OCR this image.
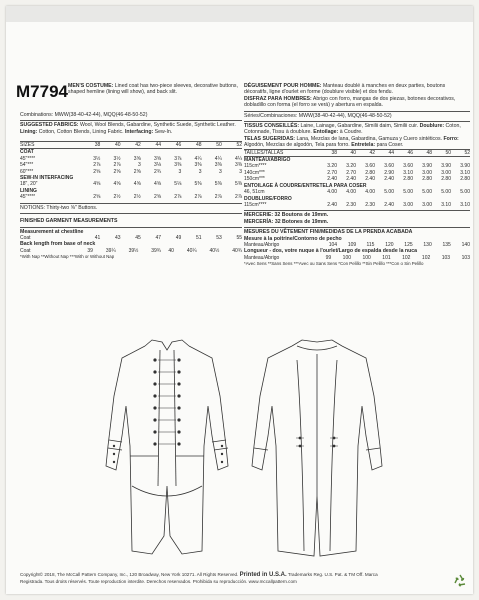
M7794 MEN'S COSTUME: Lined coat has two-piece sleeves, decorative buttons, shaped hemline (lining will show), and back slit.
Combinations: MWW(38-40-42-44), MQQ(46-48-50-52)
SUGGESTED FABRICS: Wool, Wool Blends, Gabardine, Synthetic Suede, Synthetic Leather. Lining: Cotton, Cotton Blends, Lining Fabric. Interfacing: Sew-In.
SIZES	38	40	42	44	46	48	50	52
COAT								
45"****	3½	3½	3⅝	3⅝	3⅞	4¼	4¼	4¼
54"***	2⅞	2⅞	3	3⅛	3⅜	3⅜	3⅜	3⅜
60"***	2⅝	2⅝	2⅝	2¾	3	3	3	3
SEW-IN INTERFACING								
18", 20"	4⅝	4⅝	4⅝	4⅝	5⅛	5⅜	5⅜	5⅜
LINING								
45"****	2⅝	2½	2½	2⅝	2⅞	2⅞	2⅞	2⅞
NOTIONS: Thirty-two ⅝" Buttons.
FINISHED GARMENT MEASUREMENTS
Measurement at chestline
Coat	41	43	45	47	49	51	53	55
Back length from base of neck
Coat	39	39¼	39½	39¾	40	40¼	40½	40¾
*With Nap **Without Nap ***With or Without Nap
DÉGUISEMENT POUR HOMME: Manteau doublé à manches en deux parties, boutons décoratifs, ligne d'ourlet en forme (doublure visible) et dos fendu.
DISFRAZ PARA HOMBRES: Abrigo con forro, mangas de dos piezas, botones decorativos, dobladillo con forma (el forro se verá) y abertura en espalda.
Séries/Combinaciones: MWW(38-40-42-44), MQQ(46-48-50-52)
TISSUS CONSEILLÉS: Laine, Lainage, Gabardine, Similii daim, Similii cuir. Doublure: Coton, Cotonnade, Tissu à doublure. Entoilage: à Coudre.
TELAS SUGERIDAS: Lana, Mezclas de lana, Gabardina, Gamuza y Cuero sintéticos. Forro: Algodón, Mezclas de algodón, Tela para forro. Entretela: para Coser.
TAILLES/TALLAS	38	40	42	44	46	48	50	52
MANTEAU/ABRIGO								
115cm****	3.20	3.20	3.60	3.60	3.60	3.90	3.90	3.90
140cm***	2.70	2.70	2.80	2.90	3.10	3.00	3.00	3.10
150cm***	2.40	2.40	2.40	2.40	2.80	2.80	2.80	2.80
ENTOILAGE À COUDRE/ENTRETELA PARA COSER								
46, 51cm	4.00	4.00	4.00	5.00	5.00	5.00	5.00	5.00
DOUBLURE/FORRO								
115cm****	2.40	2.30	2.30	2.40	3.00	3.00	3.10	3.10
MERCERIE: 32 Boutons de 19mm.
MERCERÍA: 32 Botones de 19mm.
MESURES DU VÊTEMENT FINI/MEDIDAS DE LA PRENDA ACABADA
Mesure à la poitrine/Contorno de pecho
Manteau/Abrigo	104	109	115	120	125	130	135	140
Longueur - dos, votre nuque à l'ourlet/Largo de espalda desde la nuca
Manteau/Abrigo	99	100	100	101	102	102	103	103
*Avec Sens **Sans Sens ***Avec ou Sans Sens *Con Pelillo **Sin Pelillo ***Con o Sin Pelillo
Copyright© 2018, The McCall Pattern Company, Inc., 120 Broadway, New York 10271. All Rights Reserved. Printed in U.S.A. Trademarks Reg. U.S. Pat. & TM Off. Marca
Registrada. Tous droits réservés. Toute reproduction interdite. Derechos reservados. Prohibida su reproducción. www.mccallpattern.com
